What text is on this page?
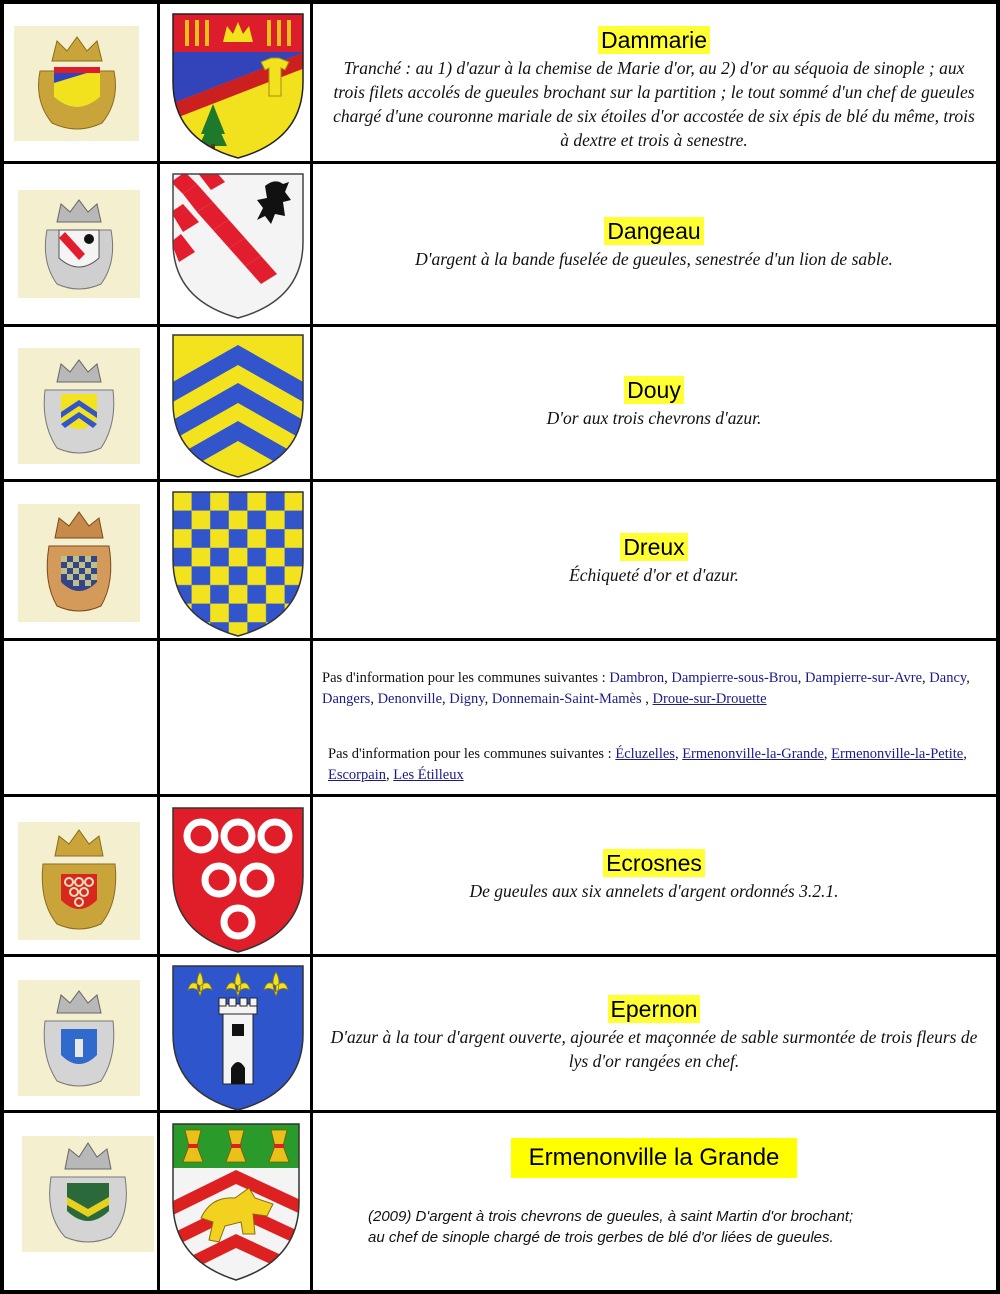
Dammarie
Tranché : au 1) d'azur à la chemise de Marie d'or, au 2) d'or au séquoia de sinople ; aux trois filets accolés de gueules brochant sur la partition ; le tout sommé d'un chef de gueules chargé d'une couronne mariale de six étoiles d'or accostée de six épis de blé du même, trois à dextre et trois à senestre.
Dangeau
D'argent à la bande fuselée de gueules, senestrée d'un lion de sable.
Douy
D'or aux trois chevrons d'azur.
Dreux
Échiqueté d'or et d'azur.
Pas d'information pour les communes suivantes : Dambron, Dampierre-sous-Brou, Dampierre-sur-Avre, Dancy, Dangers, Denonville, Digny, Donnemain-Saint-Mamès , Droue-sur-Drouette
Pas d'information pour les communes suivantes : Écluzelles, Ermenonville-la-Grande, Ermenonville-la-Petite, Escorpain, Les Étilleux
Ecrosnes
De gueules aux six annelets d'argent ordonnés 3.2.1.
Epernon
D'azur à la tour d'argent ouverte, ajourée et maçonnée de sable surmontée de trois fleurs de lys d'or rangées en chef.
Ermenonville la Grande
(2009) D'argent à trois chevrons de gueules, à saint Martin d'or brochant;
au chef de sinople chargé de trois gerbes de blé d'or liées de gueules.
